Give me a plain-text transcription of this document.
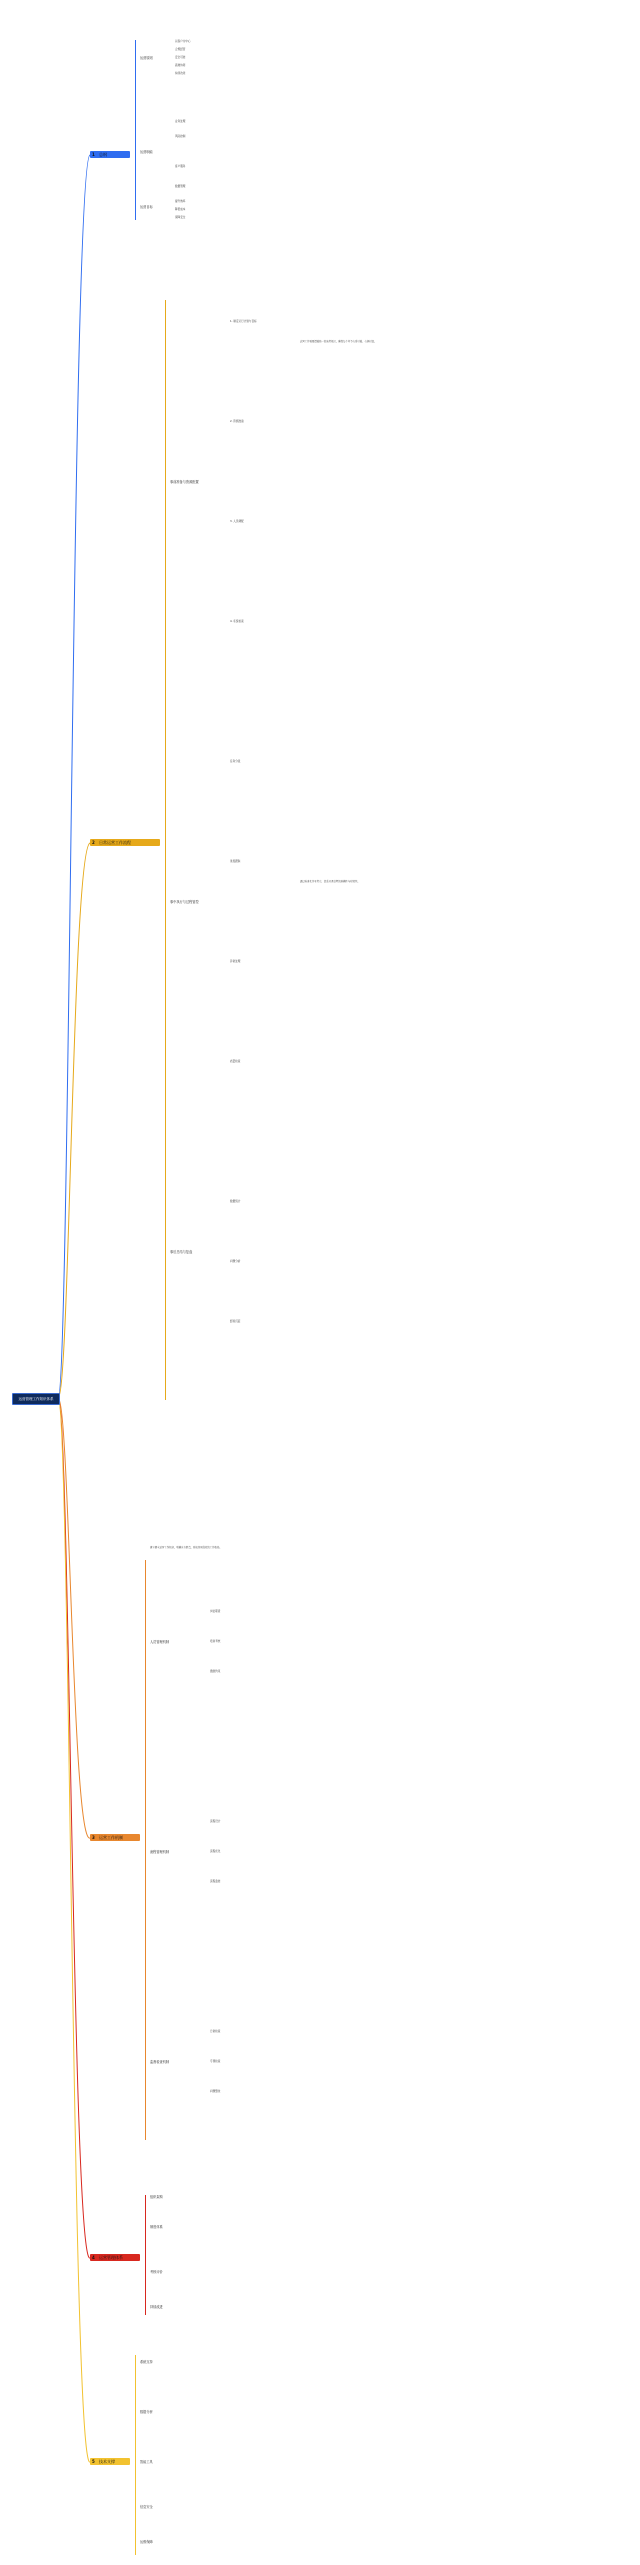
运营管理工作知识体系
1 总纲
运营原则
以客户为中心
合规经营
安全可控
高效协同
持续改进
运营职能
业务处理
风险控制
客户服务
数据管理
运营目标
提升效率
降低成本
保障安全
2 日常运营工作流程
事前准备与资源配置
1. 制定运行计划与目标
2. 资源准备
3. 人员调配
4. 系统检查
运营工作需要遵循统一的流程规范，确保每个环节有章可循、有据可查。
事中执行与过程管控
任务分派
进度跟踪
异常处理
质量检查
通过标准化作业程序，提高业务处理的准确性与时效性。
事后总结与复盘
数据统计
问题分析
经验沉淀
3 运营工作机制
建立健全运营工作机制，明确各方职责，形成协同高效的工作格局。
人员管理机制
岗位职责
培训考核
激励约束
流程管理机制
流程设计
流程优化
流程监控
监督检查机制
日常检查
专项检查
问题整改
4 运营管理体系
组织架构
制度体系
考核评价
持续改进
5 技术支撑
系统支持
数据分析
智能工具
信息安全
运维保障
